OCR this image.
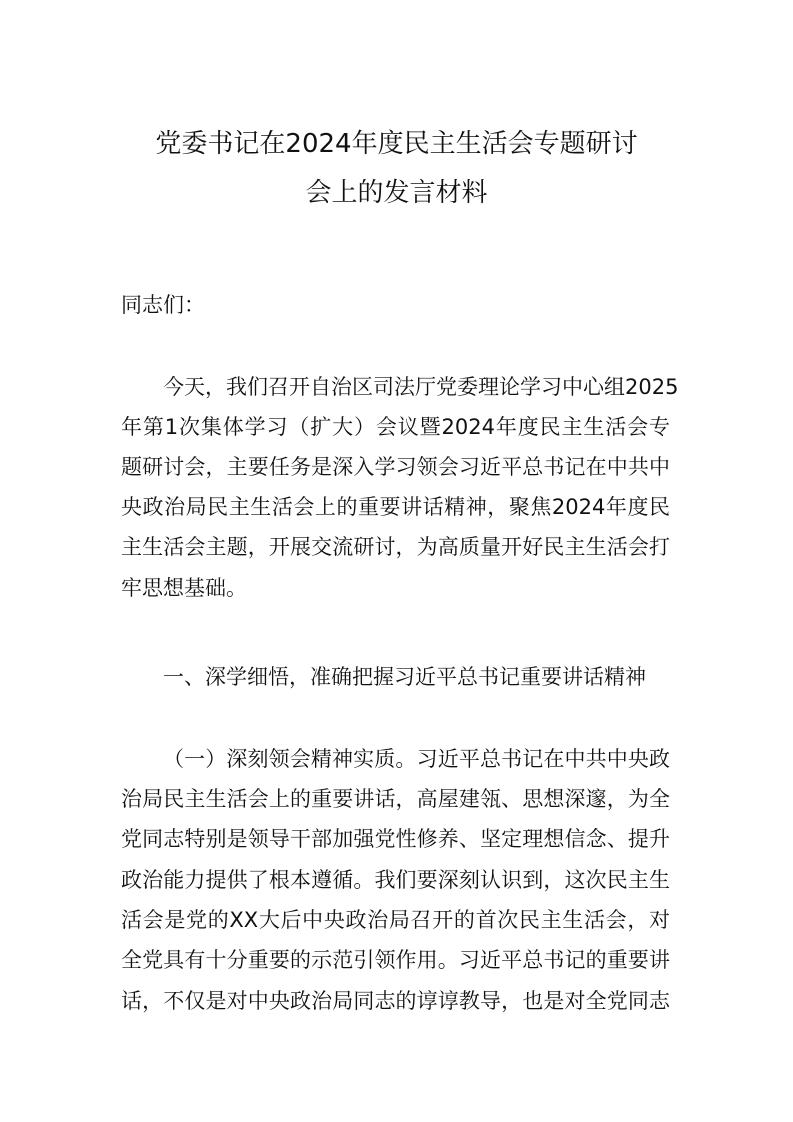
党委书记在2024年度民主生活会专题研讨
会上的发言材料
同志们：
今天，我们召开自治区司法厅党委理论学习中心组2025
年第1次集体学习（扩大）会议暨2024年度民主生活会专
题研讨会，主要任务是深入学习领会习近平总书记在中共中
央政治局民主生活会上的重要讲话精神，聚焦2024年度民
主生活会主题，开展交流研讨，为高质量开好民主生活会打
牢思想基础。
一、深学细悟，准确把握习近平总书记重要讲话精神
（一）深刻领会精神实质。习近平总书记在中共中央政
治局民主生活会上的重要讲话，高屋建瓴、思想深邃，为全
党同志特别是领导干部加强党性修养、坚定理想信念、提升
政治能力提供了根本遵循。我们要深刻认识到，这次民主生
活会是党的XX大后中央政治局召开的首次民主生活会，对
全党具有十分重要的示范引领作用。习近平总书记的重要讲
话，不仅是对中央政治局同志的谆谆教导，也是对全党同志
